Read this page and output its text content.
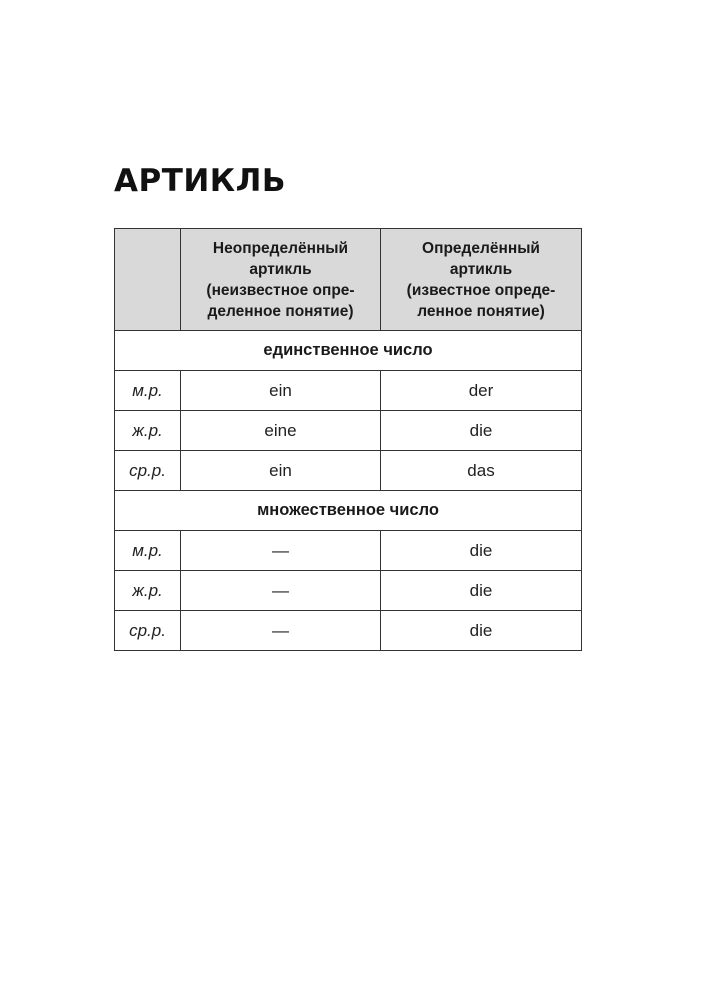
АРТИКЛЬ

	Неопределённый
артикль
(неизвестное опре-
деленное понятие)	Определённый
артикль
(известное опреде-
ленное понятие)

единственное число		
м.р.	ein	der
ж.р.	eine	die
ср.р.	ein	das
множественное число		
м.р.	—	die
ж.р.	—	die
ср.р.	—	die
